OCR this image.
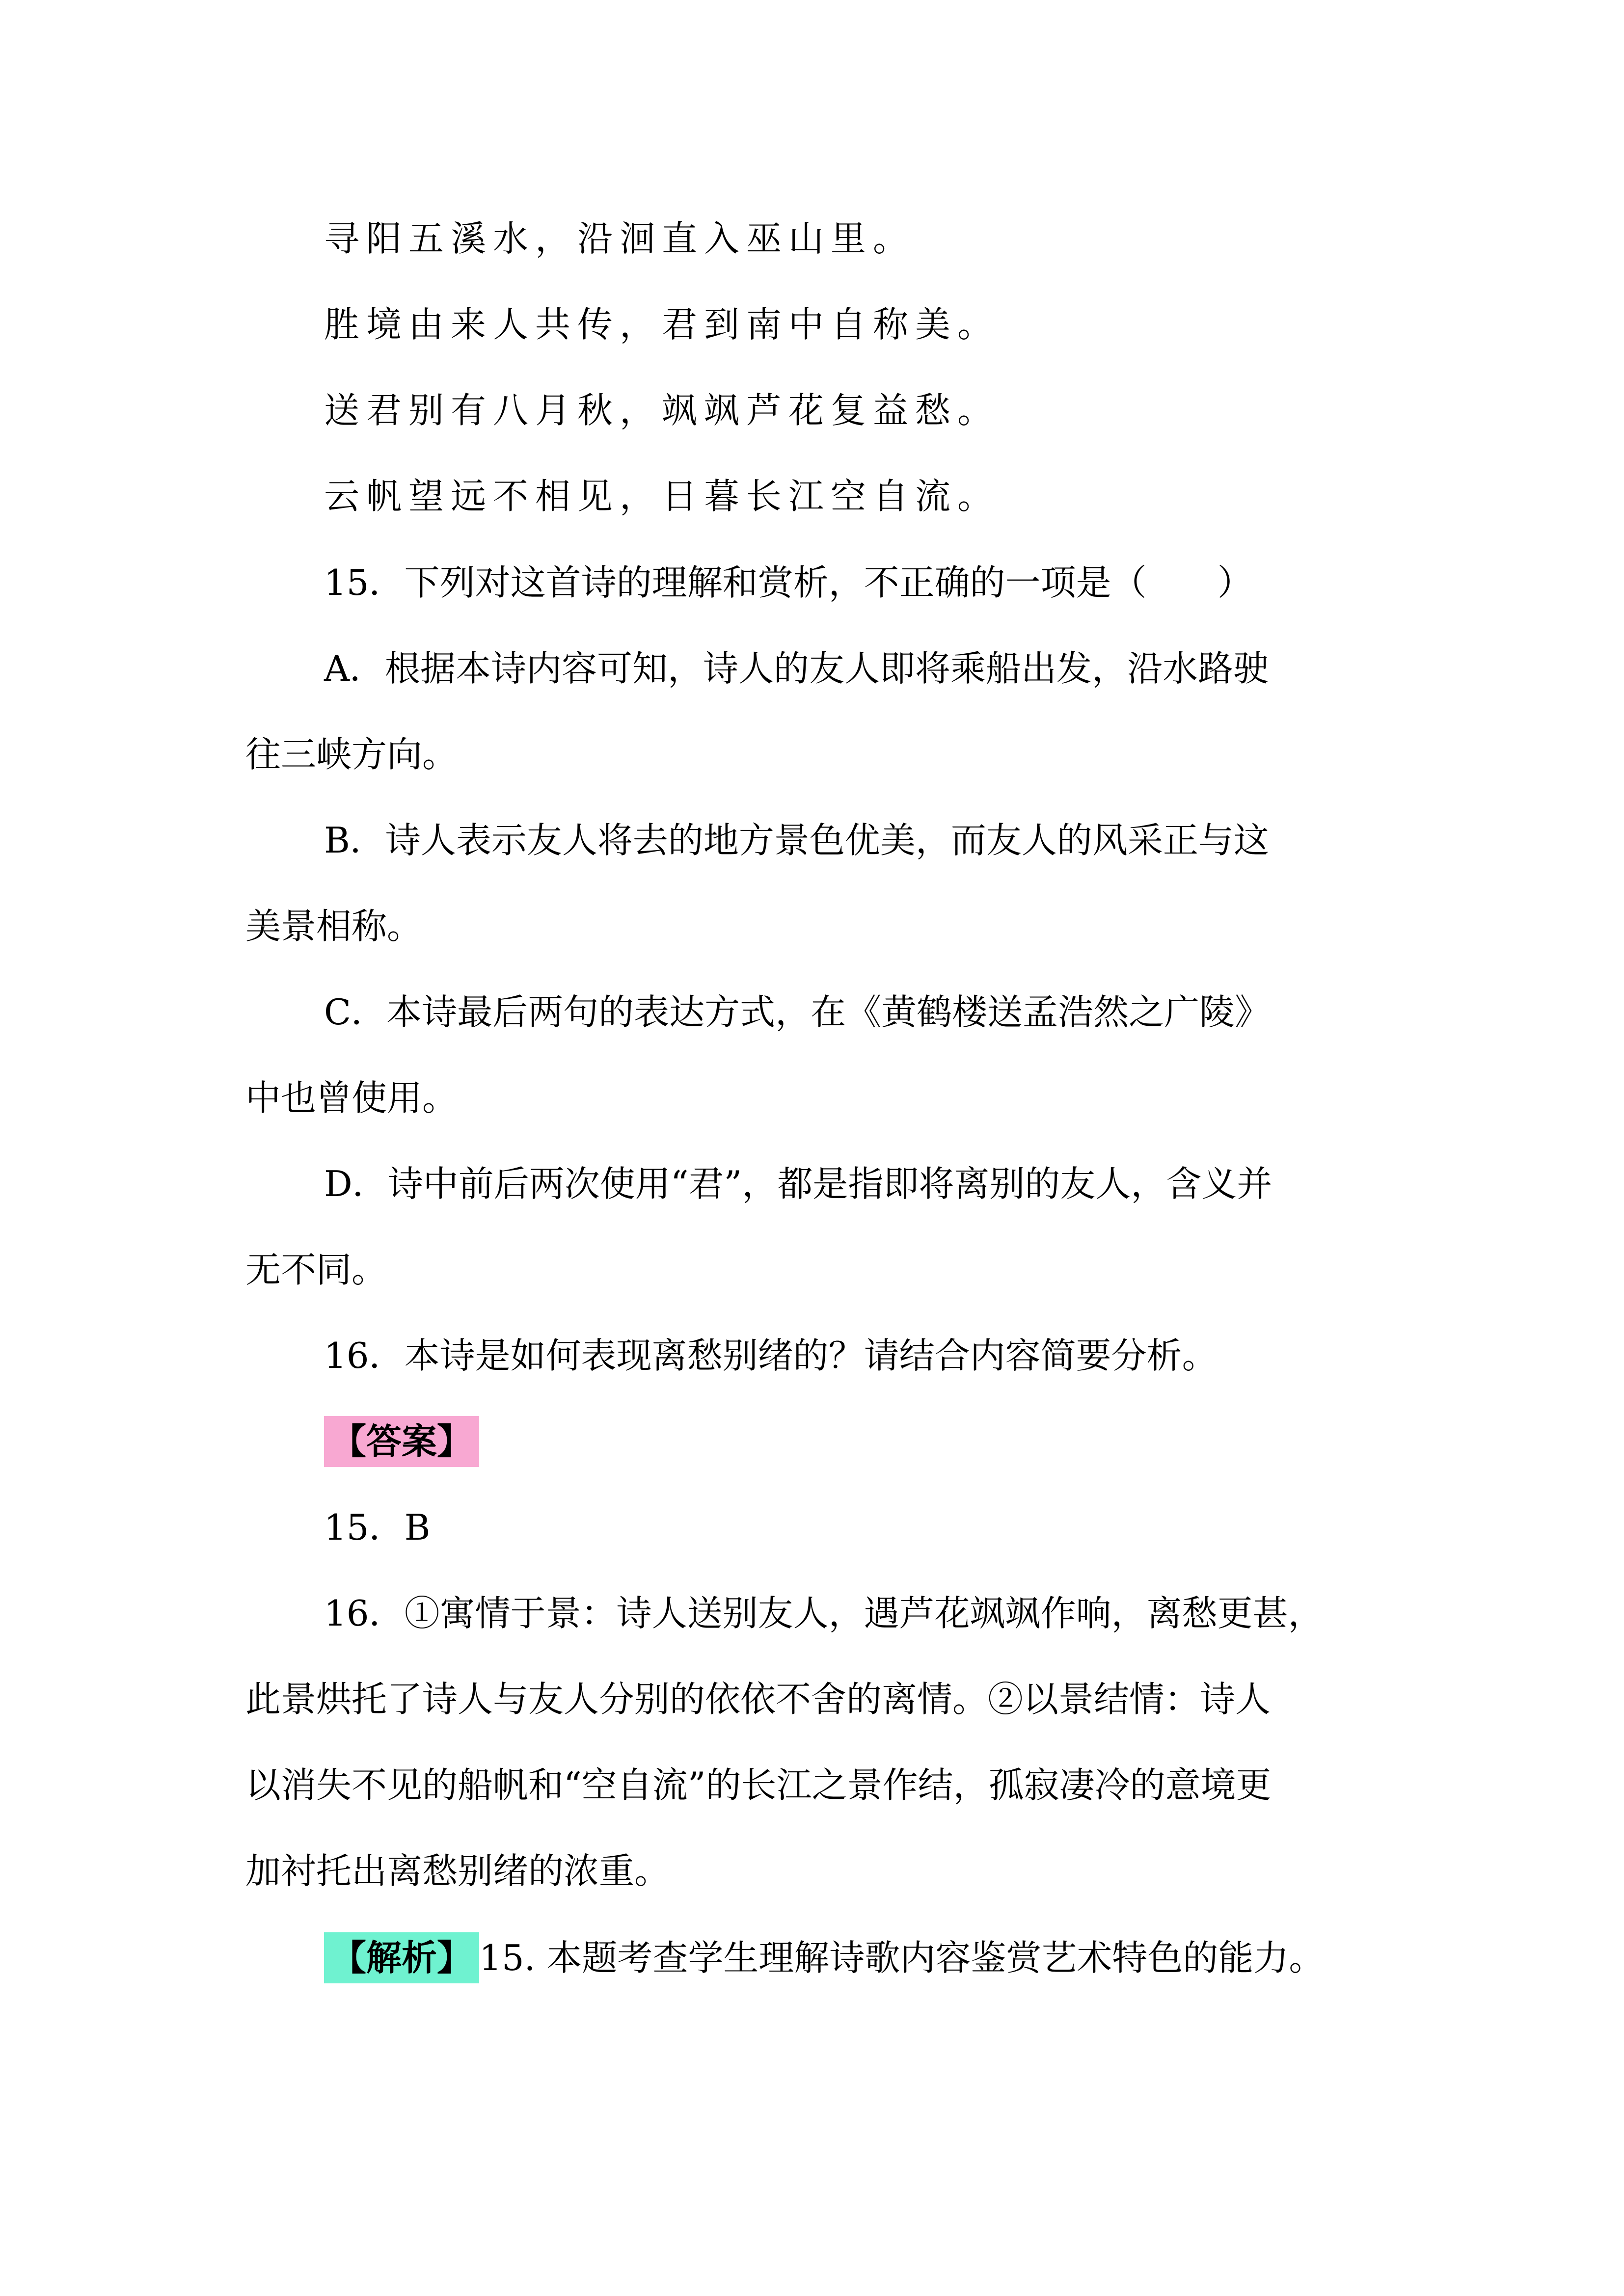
寻阳五溪水，沿洄直入巫山里。
胜境由来人共传，君到南中自称美。
送君别有八月秋，飒飒芦花复益愁。
云帆望远不相见，日暮长江空自流。
15．下列对这首诗的理解和赏析，不正确的一项是（　　）
A．根据本诗内容可知，诗人的友人即将乘船出发，沿水路驶
往三峡方向。
B．诗人表示友人将去的地方景色优美，而友人的风采正与这
美景相称。
C．本诗最后两句的表达方式，在《黄鹤楼送孟浩然之广陵》
中也曾使用。
D．诗中前后两次使用“君”，都是指即将离别的友人，含义并
无不同。
16．本诗是如何表现离愁别绪的？请结合内容简要分析。
【答案】
15．B
16．①寓情于景：诗人送别友人，遇芦花飒飒作响，离愁更甚，
此景烘托了诗人与友人分别的依依不舍的离情。②以景结情：诗人
以消失不见的船帆和“空自流”的长江之景作结，孤寂凄冷的意境更
加衬托出离愁别绪的浓重。
【解析】 15. 本题考查学生理解诗歌内容鉴赏艺术特色的能力。
